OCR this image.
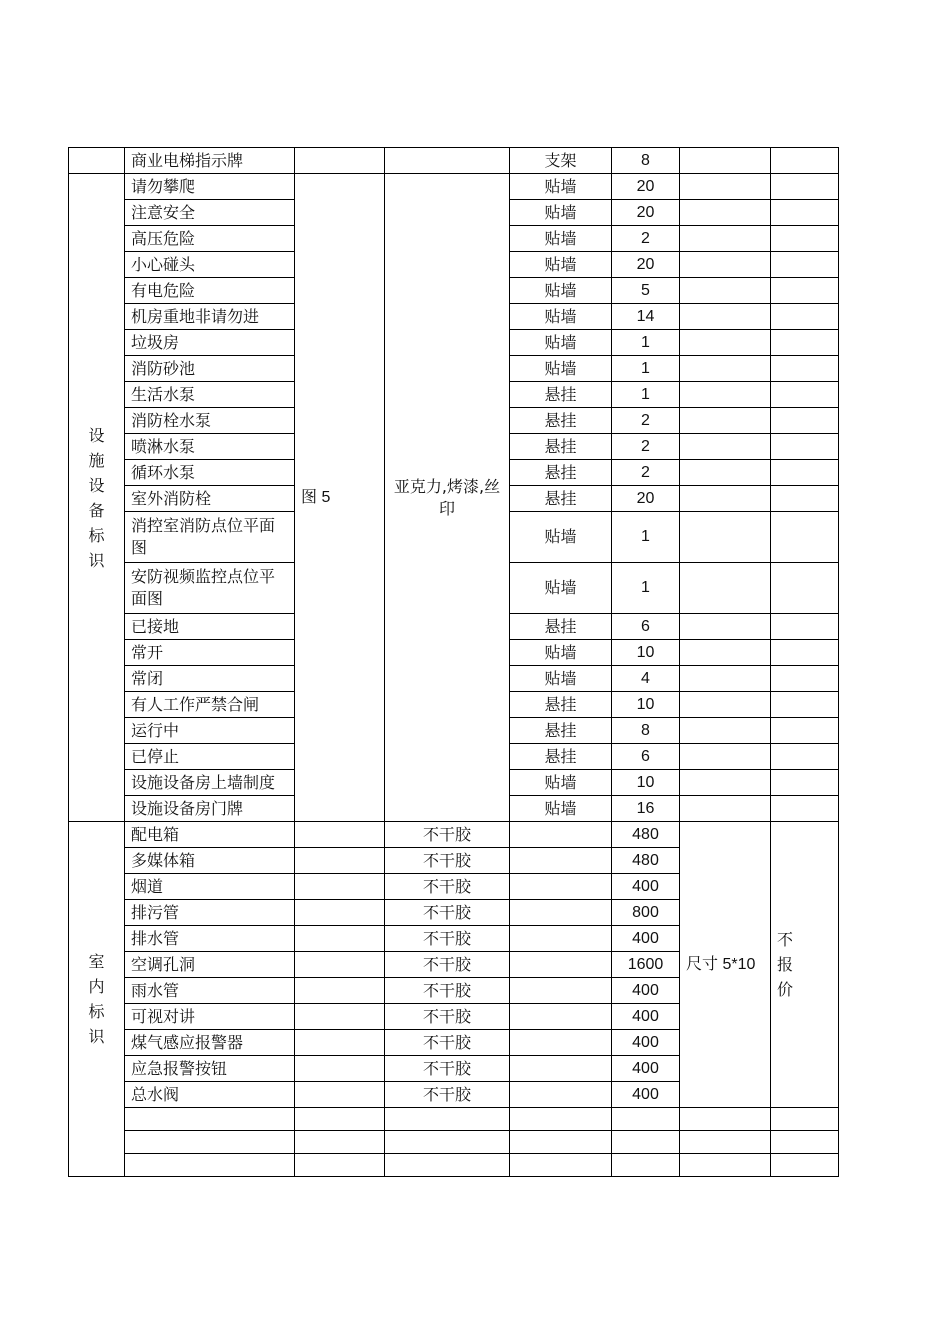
	商业电梯指示牌			支架	8		

设施设备标识	请勿攀爬	图 5	亚克力,烤漆,丝印	贴墙	20		
	注意安全			贴墙	20		
	高压危险			贴墙	2		
	小心碰头			贴墙	20		
	有电危险			贴墙	5		
	机房重地非请勿进			贴墙	14		
	垃圾房			贴墙	1		
	消防砂池			贴墙	1		
	生活水泵			悬挂	1		
	消防栓水泵			悬挂	2		
	喷淋水泵			悬挂	2		
	循环水泵			悬挂	2		
	室外消防栓			悬挂	20		
	消控室消防点位平面图			贴墙	1		
	安防视频监控点位平面图			贴墙	1		
	已接地			悬挂	6		
	常开			贴墙	10		
	常闭			贴墙	4		
	有人工作严禁合闸			悬挂	10		
	运行中			悬挂	8		
	已停止			悬挂	6		
	设施设备房上墙制度			贴墙	10		
	设施设备房门牌			贴墙	16		

室内标识	配电箱		不干胶		480	尺寸 5*10	不报价

	多媒体箱		不干胶		480		
	烟道		不干胶		400		
	排污管		不干胶		800		
	排水管		不干胶		400		
	空调孔洞		不干胶		1600		
	雨水管		不干胶		400		
	可视对讲		不干胶		400		
	煤气感应报警器		不干胶		400		
	应急报警按钮		不干胶		400		
	总水阀		不干胶		400		
